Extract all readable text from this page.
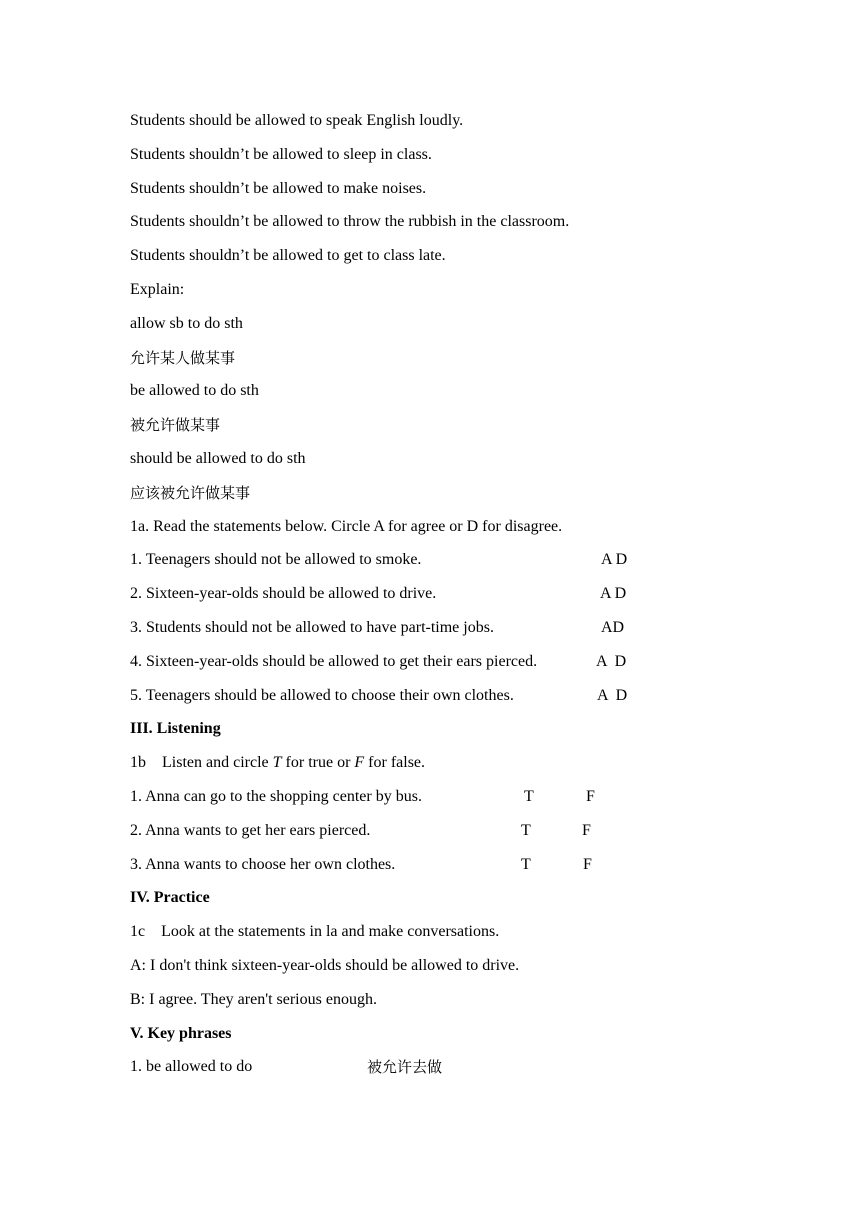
Students should be allowed to speak English loudly.
Students shouldn’t be allowed to sleep in class.
Students shouldn’t be allowed to make noises.
Students shouldn’t be allowed to throw the rubbish in the classroom.
Students shouldn’t be allowed to get to class late.
Explain:
allow sb to do sth
允许某人做某事
be allowed to do sth
被允许做某事
should be allowed to do sth
应该被允许做某事
1a. Read the statements below. Circle A for agree or D for disagree.
1. Teenagers should not be allowed to smoke.	A D
2. Sixteen-year-olds should be allowed to drive.	A D
3. Students should not be allowed to have part-time jobs.	AD
4. Sixteen-year-olds should be allowed to get their ears pierced.	A  D
5. Teenagers should be allowed to choose their own clothes.	A  D
III. Listening
1b    Listen and circle T for true or F for false.
1. Anna can go to the shopping center by bus.	T	F
2. Anna wants to get her ears pierced.	T	F
3. Anna wants to choose her own clothes.	T	F
IV. Practice
1c    Look at the statements in la and make conversations.
A: I don't think sixteen-year-olds should be allowed to drive.
B: I agree. They aren't serious enough.
V. Key phrases
1. be allowed to do	被允许去做
